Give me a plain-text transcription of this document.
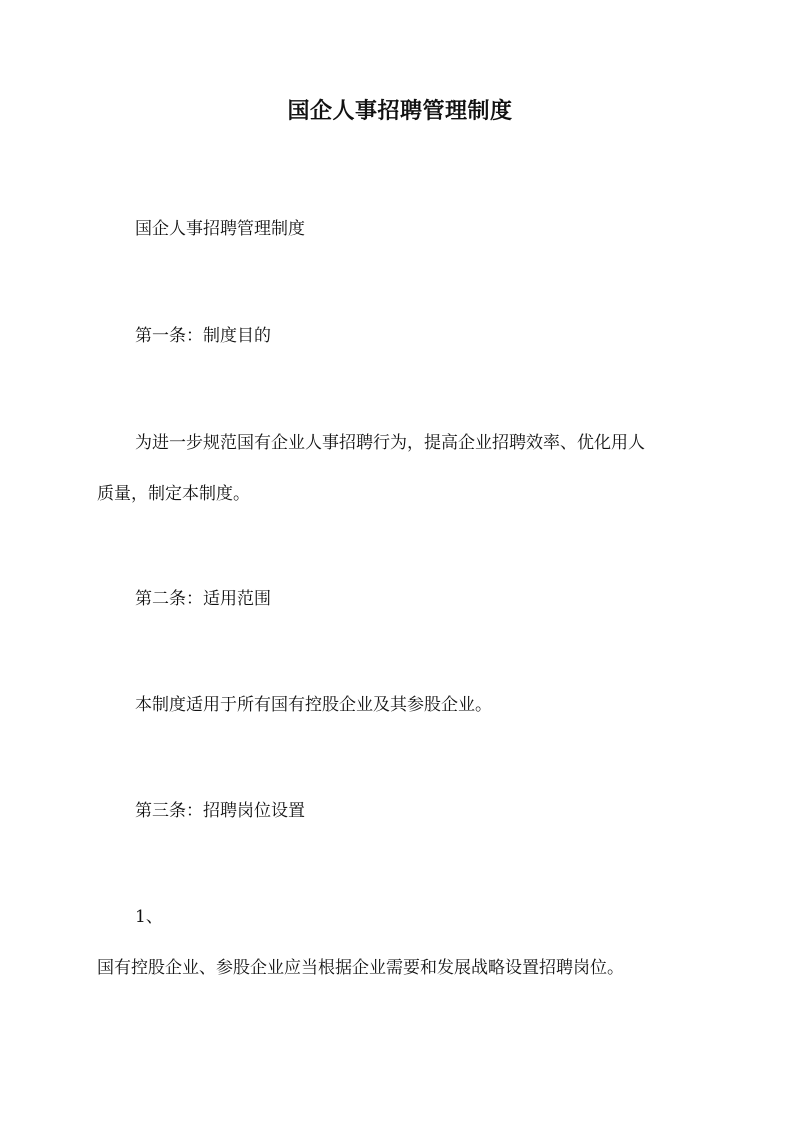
国企人事招聘管理制度
国企人事招聘管理制度
第一条：制度目的
为进一步规范国有企业人事招聘行为，提高企业招聘效率、优化用人
质量，制定本制度。
第二条：适用范围
本制度适用于所有国有控股企业及其参股企业。
第三条：招聘岗位设置
1、
国有控股企业、参股企业应当根据企业需要和发展战略设置招聘岗位。
